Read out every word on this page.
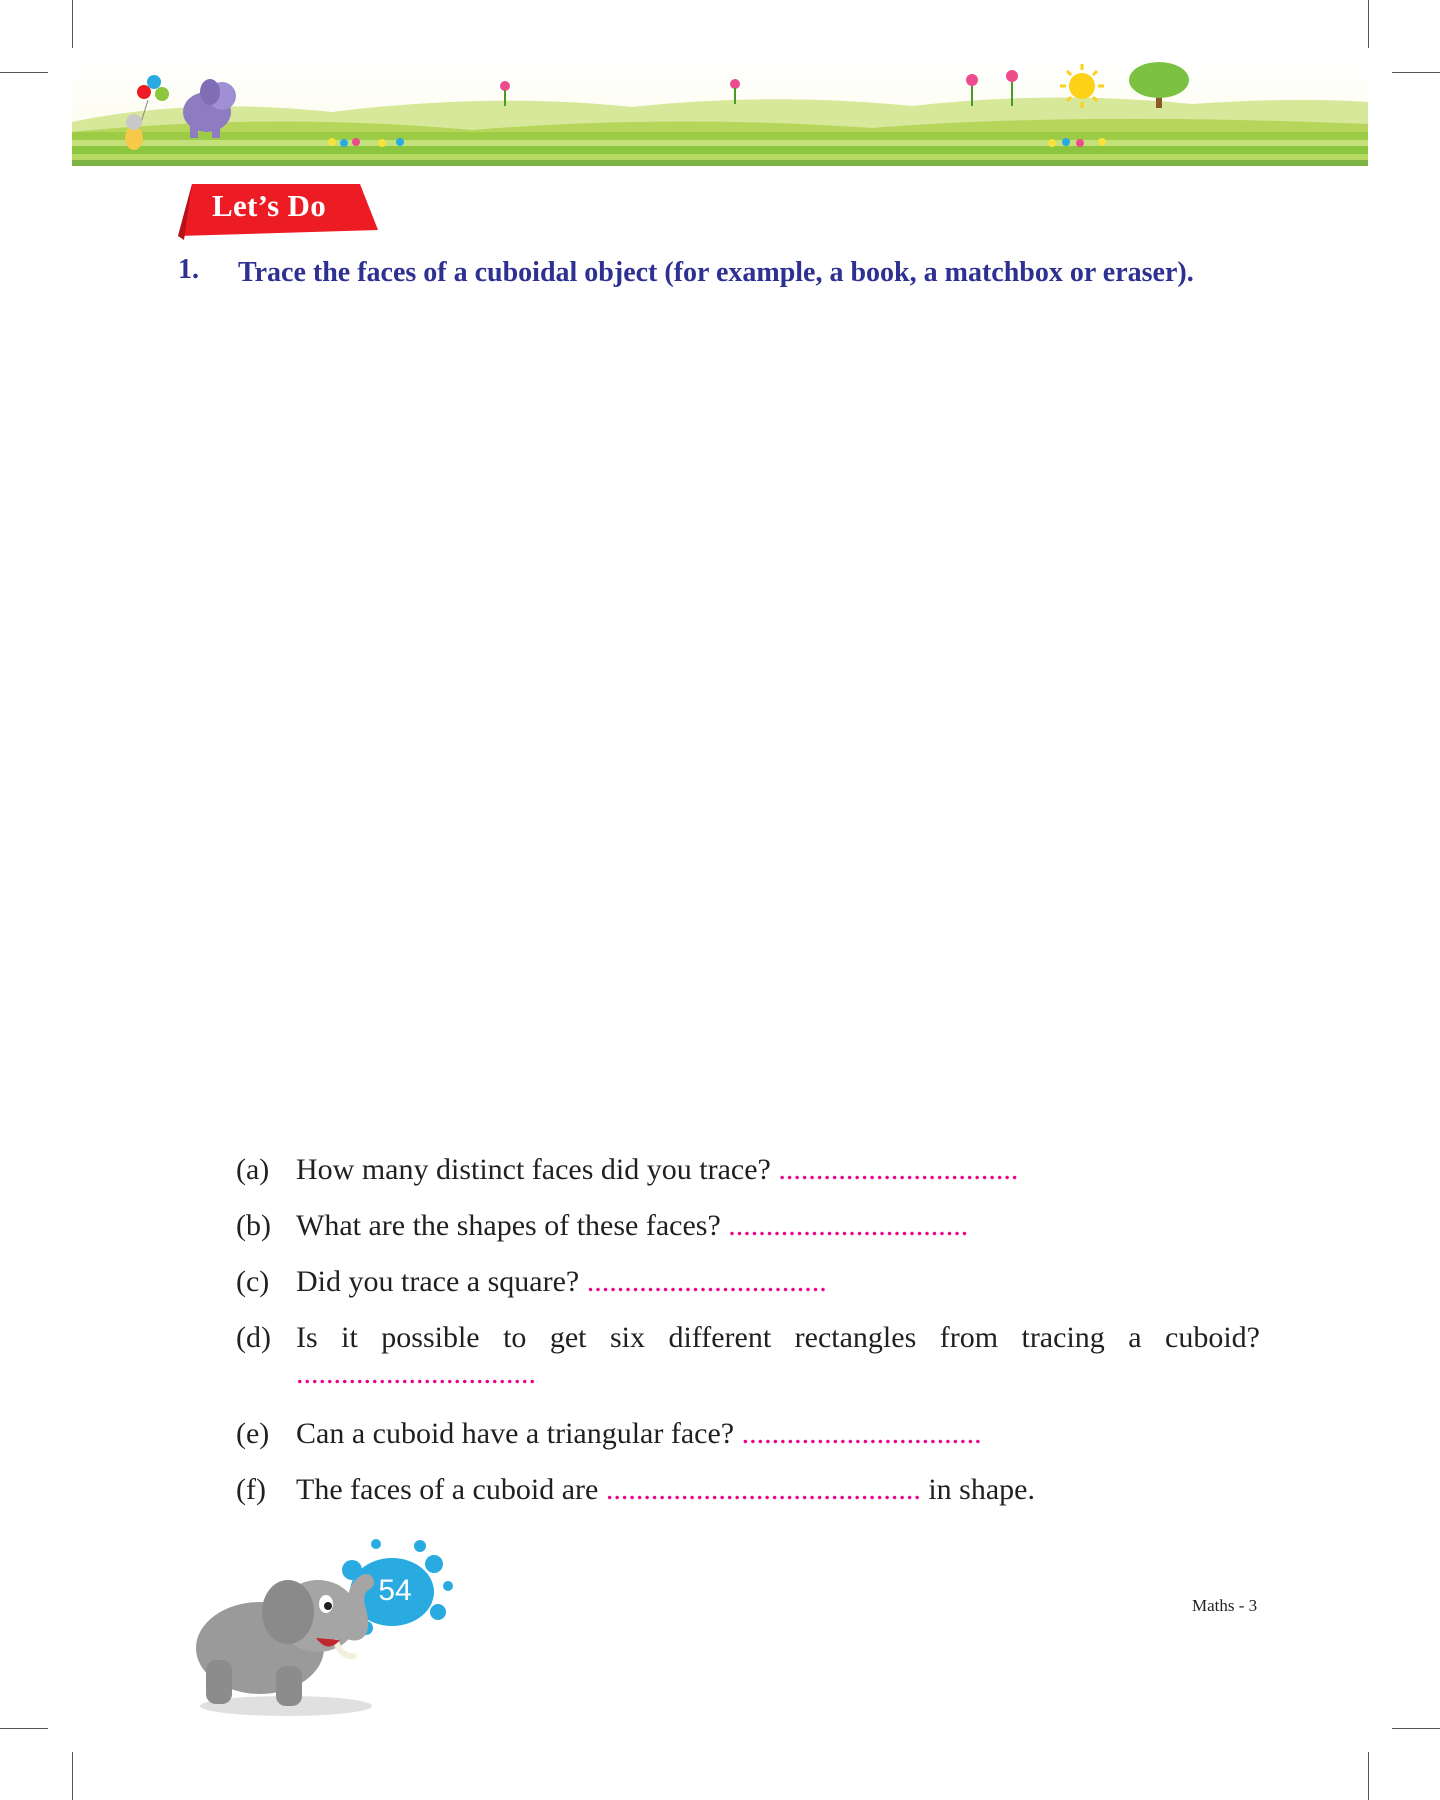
Let’s Do
1. Trace the faces of a cuboidal object (for example, a book, a matchbox or eraser).
(a) How many distinct faces did you trace? ................................
(b) What are the shapes of these faces? ................................
(c) Did you trace a square? ................................
(d) Is it possible to get six different rectangles from tracing a cuboid?
................................
(e) Can a cuboid have a triangular face? ................................
(f) The faces of a cuboid are .......................................... in shape.
54	Maths - 3
